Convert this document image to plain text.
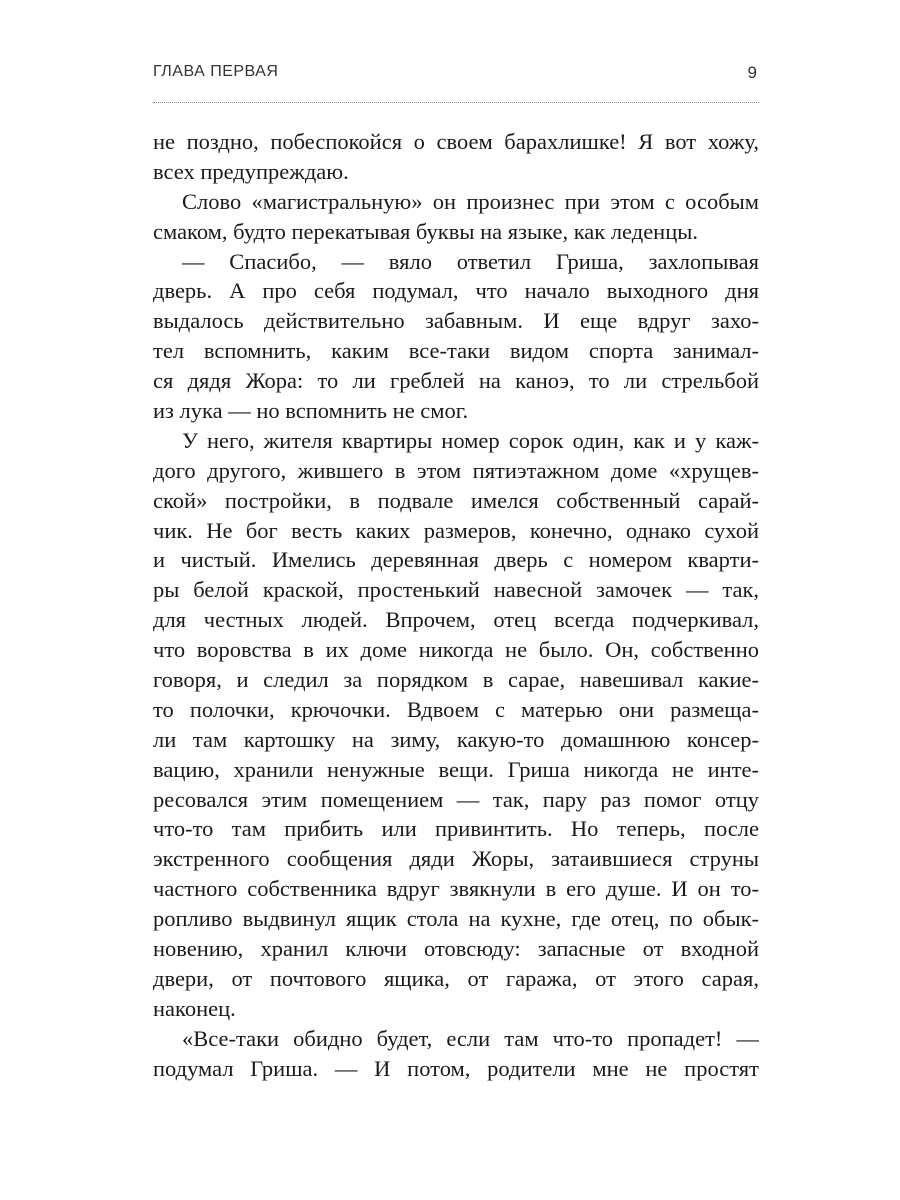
ГЛАВА ПЕРВАЯ	9
не поздно, побеспокойся о своем барахлишке! Я вот хожу,
всех предупреждаю.
Слово «магистральную» он произнес при этом с особым
смаком, будто перекатывая буквы на языке, как леденцы.
— Спасибо, — вяло ответил Гриша, захлопывая
дверь. А про себя подумал, что начало выходного дня
выдалось действительно забавным. И еще вдруг захо-
тел вспомнить, каким все-таки видом спорта занимал-
ся дядя Жора: то ли греблей на каноэ, то ли стрельбой
из лука — но вспомнить не смог.
У него, жителя квартиры номер сорок один, как и у каж-
дого другого, жившего в этом пятиэтажном доме «хрущев-
ской» постройки, в подвале имелся собственный сарай-
чик. Не бог весть каких размеров, конечно, однако сухой
и чистый. Имелись деревянная дверь с номером кварти-
ры белой краской, простенький навесной замочек — так,
для честных людей. Впрочем, отец всегда подчеркивал,
что воровства в их доме никогда не было. Он, собственно
говоря, и следил за порядком в сарае, навешивал какие-
то полочки, крючочки. Вдвоем с матерью они размеща-
ли там картошку на зиму, какую-то домашнюю консер-
вацию, хранили ненужные вещи. Гриша никогда не инте-
ресовался этим помещением — так, пару раз помог отцу
что-то там прибить или привинтить. Но теперь, после
экстренного сообщения дяди Жоры, затаившиеся струны
частного собственника вдруг звякнули в его душе. И он то-
ропливо выдвинул ящик стола на кухне, где отец, по обык-
новению, хранил ключи отовсюду: запасные от входной
двери, от почтового ящика, от гаража, от этого сарая,
наконец.
«Все-таки обидно будет, если там что-то пропадет! —
подумал Гриша. — И потом, родители мне не простят
